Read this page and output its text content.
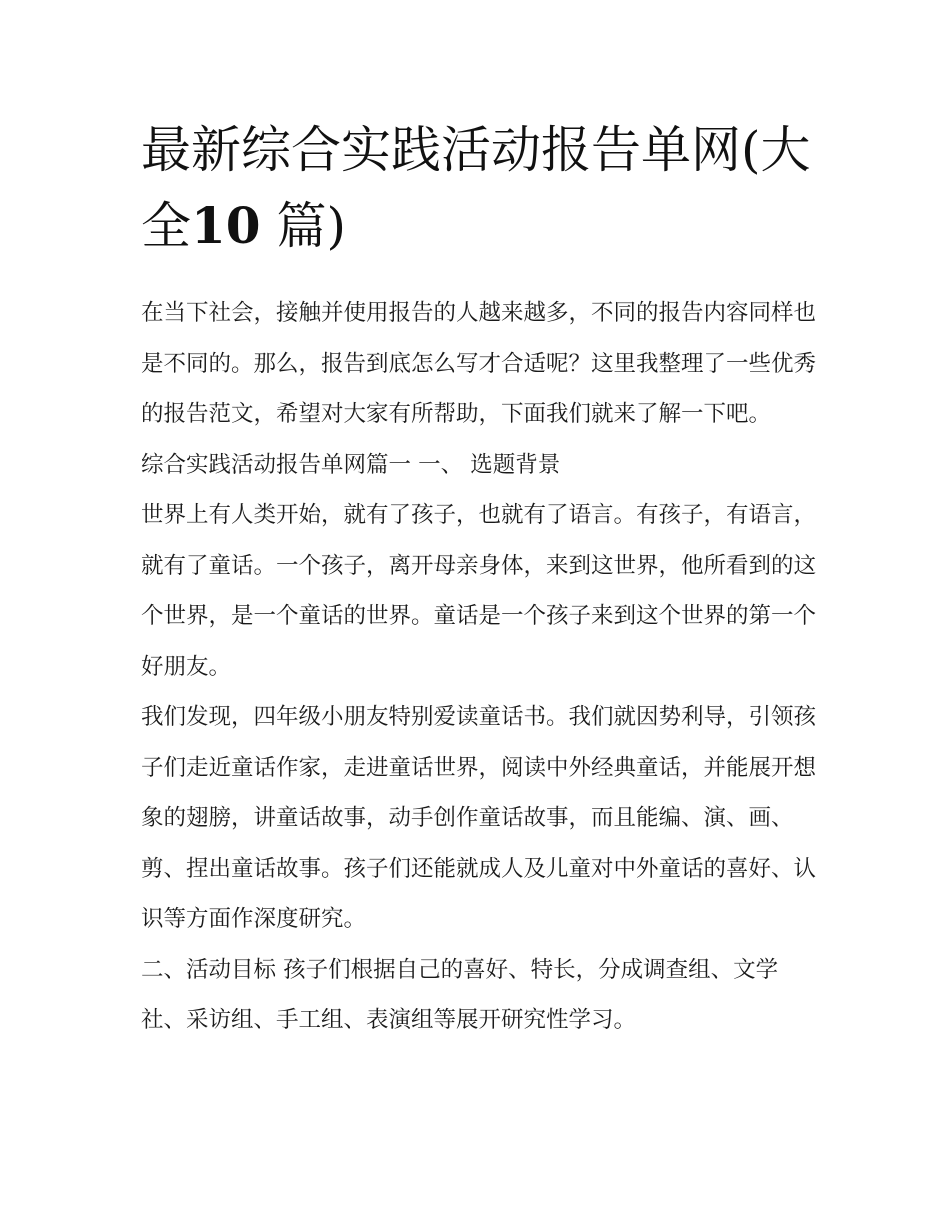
最新综合实践活动报告单网(大全10 篇)

在当下社会，接触并使用报告的人越来越多，不同的报告内容同样也是不同的。那么，报告到底怎么写才合适呢？这里我整理了一些优秀的报告范文，希望对大家有所帮助，下面我们就来了解一下吧。

综合实践活动报告单网篇一 一、 选题背景

世界上有人类开始，就有了孩子，也就有了语言。有孩子，有语言，就有了童话。一个孩子，离开母亲身体，来到这世界，他所看到的这个世界，是一个童话的世界。童话是一个孩子来到这个世界的第一个好朋友。

我们发现，四年级小朋友特别爱读童话书。我们就因势利导，引领孩子们走近童话作家，走进童话世界，阅读中外经典童话，并能展开想象的翅膀，讲童话故事，动手创作童话故事，而且能编、演、画、剪、捏出童话故事。孩子们还能就成人及儿童对中外童话的喜好、认识等方面作深度研究。

二、活动目标 孩子们根据自己的喜好、特长，分成调查组、文学社、采访组、手工组、表演组等展开研究性学习。
